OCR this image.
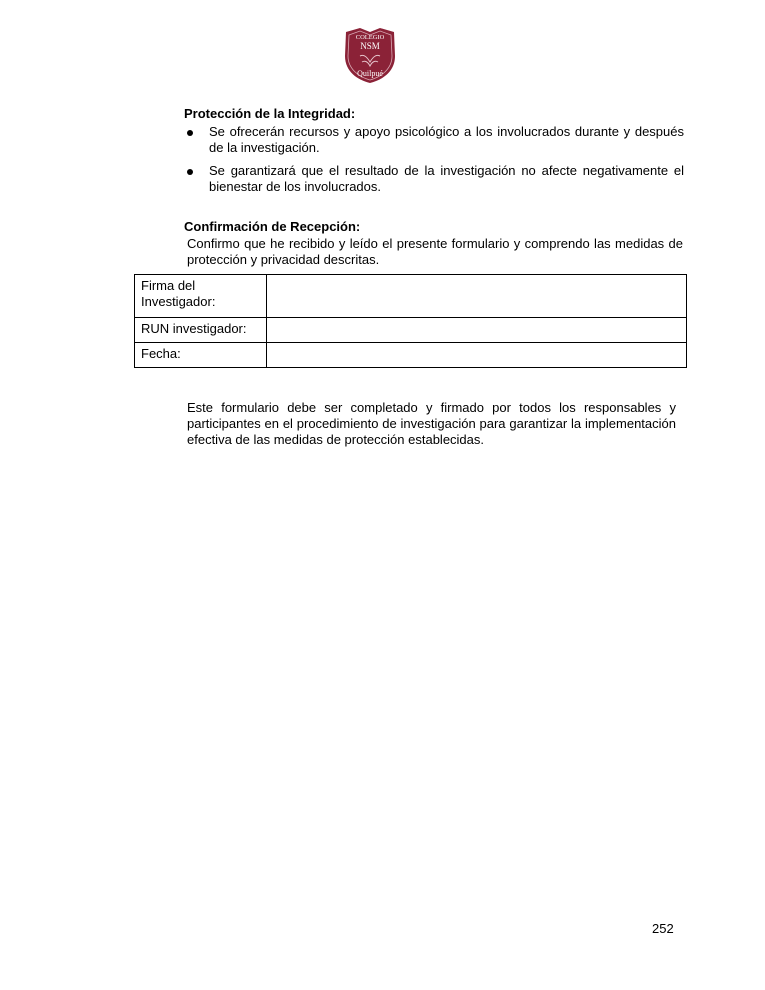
COLEGIO
NSM
Quilpué
Protección de la Integridad:
Se ofrecerán recursos y apoyo psicológico a los involucrados durante y después de la investigación.
Se garantizará que el resultado de la investigación no afecte negativamente el bienestar de los involucrados.
Confirmación de Recepción:

Confirmo que he recibido y leído el presente formulario y comprendo las medidas de protección y privacidad descritas.

Firma del Investigador:	
RUN investigador:	
Fecha:	

Este formulario debe ser completado y firmado por todos los responsables y participantes en el procedimiento de investigación para garantizar la implementación efectiva de las medidas de protección establecidas.

252
